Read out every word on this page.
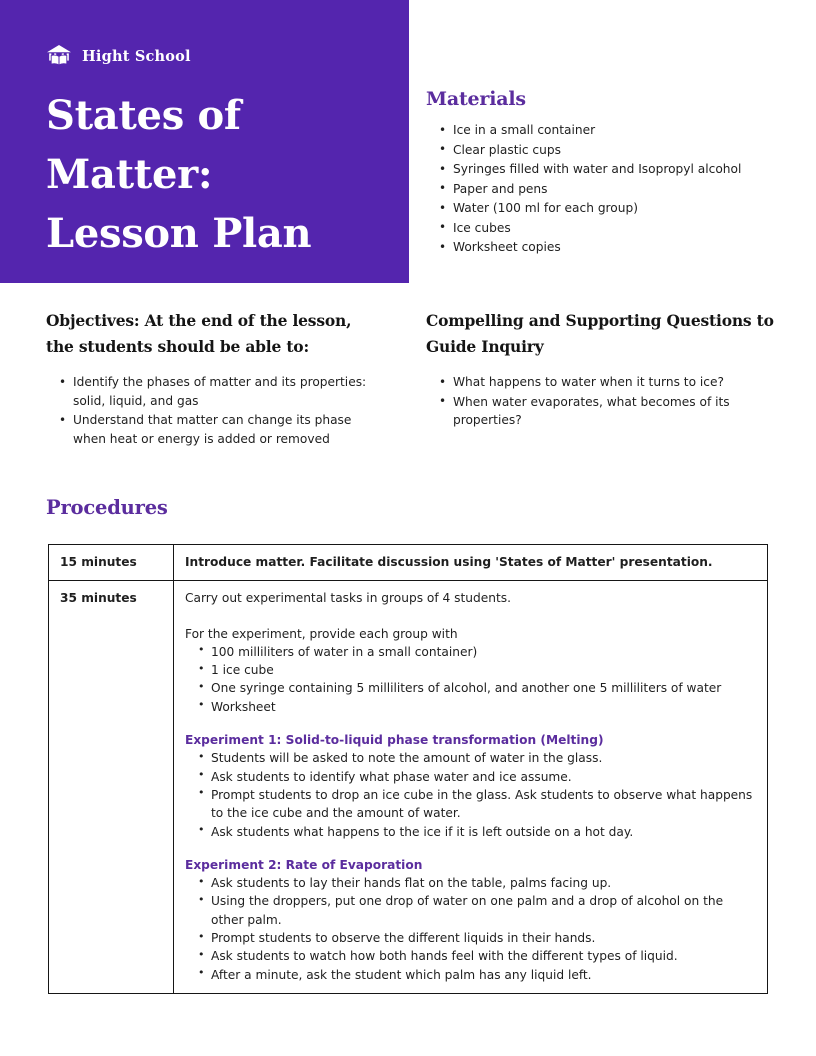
Hight School
States of
Matter:
Lesson Plan
Materials
• Ice in a small container
• Clear plastic cups
• Syringes filled with water and Isopropyl alcohol
• Paper and pens
• Water (100 ml for each group)
• Ice cubes
• Worksheet copies
Objectives: At the end of the lesson, the students should be able to:
• Identify the phases of matter and its properties: solid, liquid, and gas
• Understand that matter can change its phase when heat or energy is added or removed
Compelling and Supporting Questions to Guide Inquiry
• What happens to water when it turns to ice?
• When water evaporates, what becomes of its properties?
Procedures
15 minutes	Introduce matter. Facilitate discussion using 'States of Matter' presentation.
35 minutes	Carry out experimental tasks in groups of 4 students.

For the experiment, provide each group with

• 100 milliliters of water in a small container)
• 1 ice cube
• One syringe containing 5 milliliters of alcohol, and another one 5 milliliters of water
• Worksheet

Experiment 1: Solid-to-liquid phase transformation (Melting)

• Students will be asked to note the amount of water in the glass.
• Ask students to identify what phase water and ice assume.
• Prompt students to drop an ice cube in the glass. Ask students to observe what happens to the ice cube and the amount of water.
• Ask students what happens to the ice if it is left outside on a hot day.

Experiment 2: Rate of Evaporation

• Ask students to lay their hands flat on the table, palms facing up.
• Using the droppers, put one drop of water on one palm and a drop of alcohol on the other palm.
• Prompt students to observe the different liquids in their hands.
• Ask students to watch how both hands feel with the different types of liquid.
• After a minute, ask the student which palm has any liquid left.
